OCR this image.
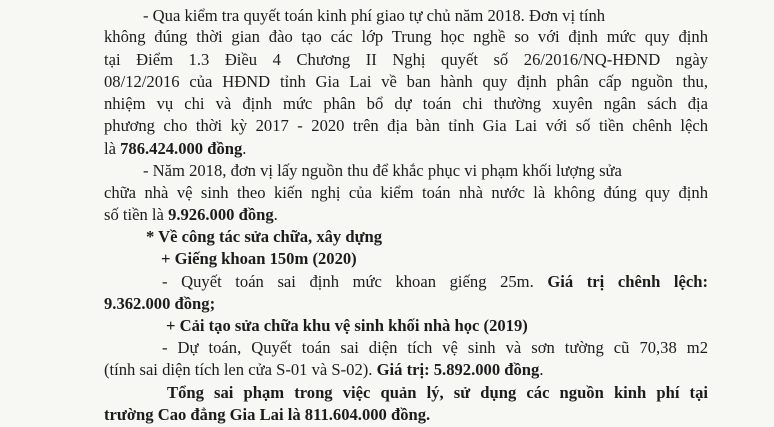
- Qua kiểm tra quyết toán kinh phí giao tự chủ năm 2018. Đơn vị tính
không đúng thời gian đào tạo các lớp Trung học nghề so với định mức quy định
tại Điểm 1.3 Điều 4 Chương II Nghị quyết số 26/2016/NQ-HĐND ngày
08/12/2016 của HĐND tỉnh Gia Lai về ban hành quy định phân cấp nguồn thu,
nhiệm vụ chi và định mức phân bổ dự toán chi thường xuyên ngân sách địa
phương cho thời kỳ 2017 - 2020 trên địa bàn tỉnh Gia Lai với số tiền chênh lệch
là 786.424.000 đồng.
- Năm 2018, đơn vị lấy nguồn thu để khắc phục vi phạm khối lượng sửa
chữa nhà vệ sinh theo kiến nghị của kiểm toán nhà nước là không đúng quy định
số tiền là 9.926.000 đồng.
* Về công tác sửa chữa, xây dựng
+ Giếng khoan 150m (2020)
- Quyết toán sai định mức khoan giếng 25m. Giá trị chênh lệch:
9.362.000 đồng;
+ Cải tạo sửa chữa khu vệ sinh khối nhà học (2019)
- Dự toán, Quyết toán sai diện tích vệ sinh và sơn tường cũ 70,38 m2
(tính sai diện tích len cửa S-01 và S-02). Giá trị: 5.892.000 đồng.
Tổng sai phạm trong việc quản lý, sử dụng các nguồn kinh phí tại
trường Cao đẳng Gia Lai là 811.604.000 đồng.
